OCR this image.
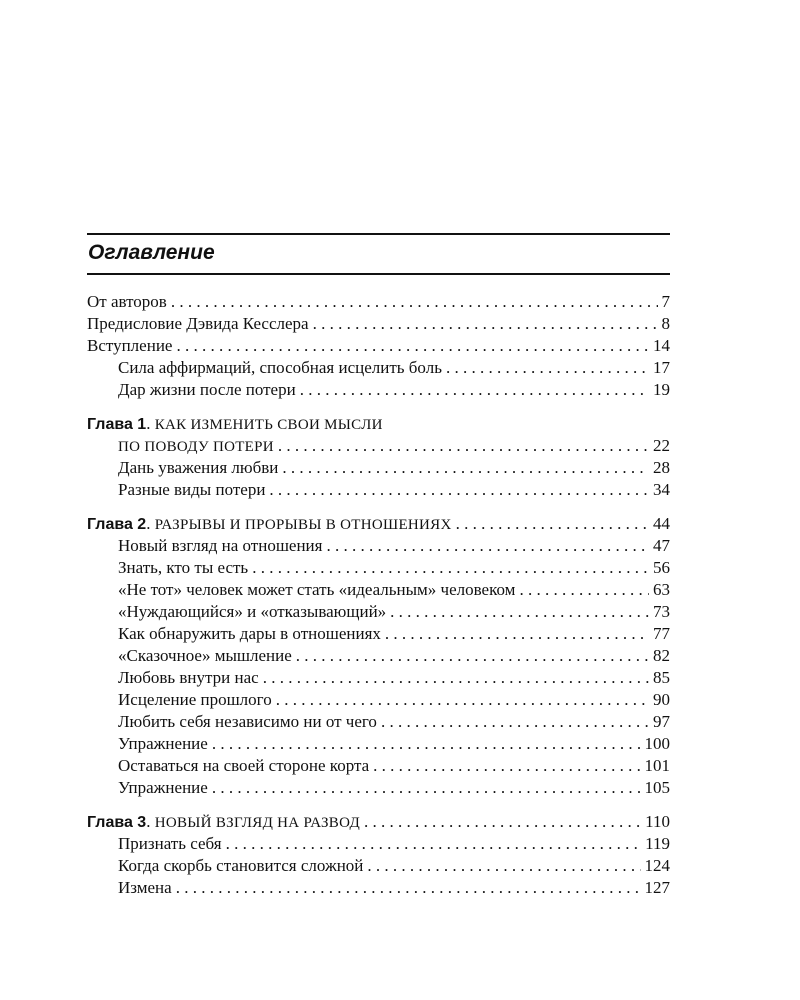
Оглавление
От авторов . . .	7
Предисловие Дэвида Кесслера . . .	8
Вступление . . .	14
Сила аффирмаций, способная исцелить боль . . .	17
Дар жизни после потери . . .	19
Глава 1. КАК ИЗМЕНИТЬ СВОИ МЫСЛИ
ПО ПОВОДУ ПОТЕРИ . . .	22
Дань уважения любви . . .	28
Разные виды потери . . .	34
Глава 2. РАЗРЫВЫ И ПРОРЫВЫ В ОТНОШЕНИЯХ . . .	44
Новый взгляд на отношения . . .	47
Знать, кто ты есть . . .	56
«Не тот» человек может стать «идеальным» человеком . . .	63
«Нуждающийся» и «отказывающий» . . .	73
Как обнаружить дары в отношениях . . .	77
«Сказочное» мышление . . .	82
Любовь внутри нас . . .	85
Исцеление прошлого . . .	90
Любить себя независимо ни от чего . . .	97
Упражнение . . .	100
Оставаться на своей стороне корта . . .	101
Упражнение . . .	105
Глава 3. НОВЫЙ ВЗГЛЯД НА РАЗВОД . . .	110
Признать себя . . .	119
Когда скорбь становится сложной . . .	124
Измена . . .	127
